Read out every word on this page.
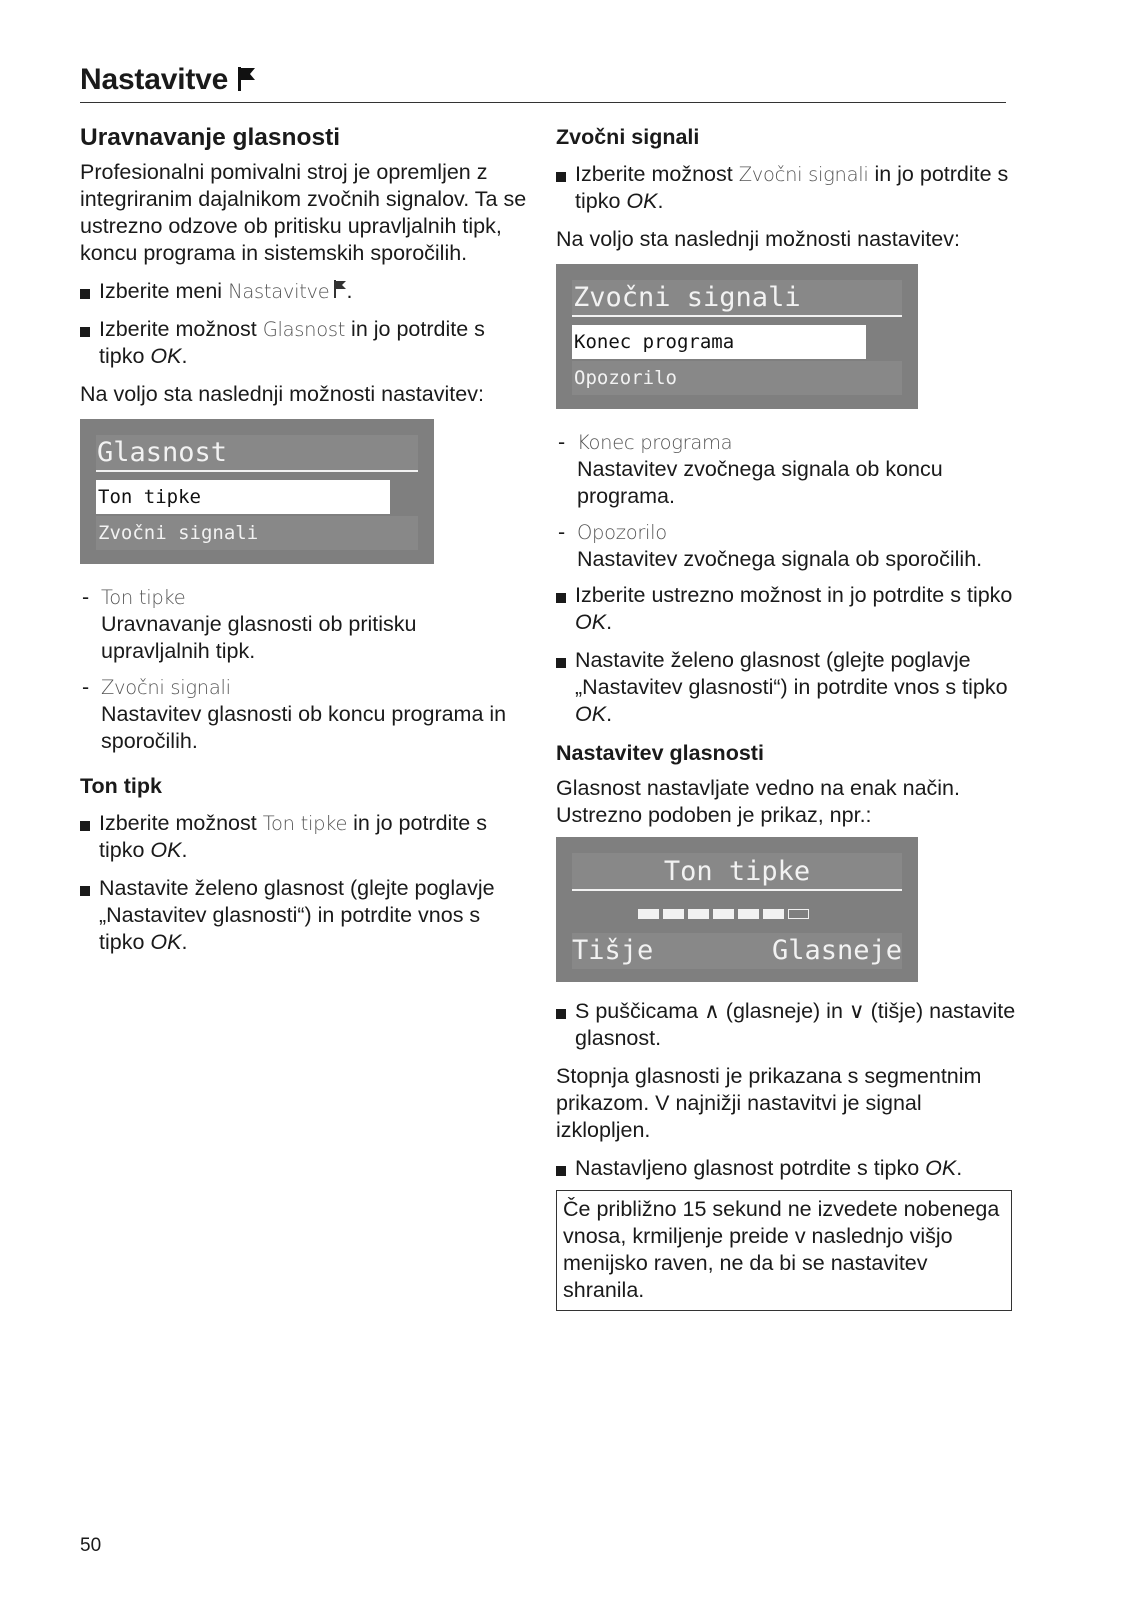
Nastavitve
Uravnavanje glasnosti

Profesionalni pomivalni stroj je opremljen z integriranim dajalnikom zvočnih signalov. Ta se ustrezno odzove ob pritisku upravljalnih tipk, koncu programa in sistemskih sporočilih.

Izberite meni Nastavitve .

Izberite možnost Glasnost in jo potrdite s tipko OK.

Na voljo sta naslednji možnosti nastavitev:

Glasnost
Ton tipke
Zvočni signali

- Ton tipke

Uravnavanje glasnosti ob pritisku upravljalnih tipk.

- Zvočni signali

Nastavitev glasnosti ob koncu programa in sporočilih.

Ton tipk

Izberite možnost Ton tipke in jo potrdite s tipko OK.

Nastavite želeno glasnost (glejte poglavje „Nastavitev glasnosti“) in potrdite vnos s tipko OK.

Zvočni signali

Izberite možnost Zvočni signali in jo potrdite s tipko OK.

Na voljo sta naslednji možnosti nastavitev:

Zvočni signali
Konec programa
Opozorilo

- Konec programa

Nastavitev zvočnega signala ob koncu programa.

- Opozorilo

Nastavitev zvočnega signala ob sporočilih.

Izberite ustrezno možnost in jo potrdite s tipko OK.

Nastavite želeno glasnost (glejte poglavje „Nastavitev glasnosti“) in potrdite vnos s tipko OK.

Nastavitev glasnosti

Glasnost nastavljate vedno na enak način. Ustrezno podoben je prikaz, npr.:

Ton tipke
Tišje	Glasneje

S puščicama ∧ (glasneje) in ∨ (tišje) nastavite glasnost.

Stopnja glasnosti je prikazana s segmentnim prikazom. V najnižji nastavitvi je signal izklopljen.

Nastavljeno glasnost potrdite s tipko OK.

Če približno 15 sekund ne izvedete nobenega vnosa, krmiljenje preide v naslednjo višjo menijsko raven, ne da bi se nastavitev shranila.

50
